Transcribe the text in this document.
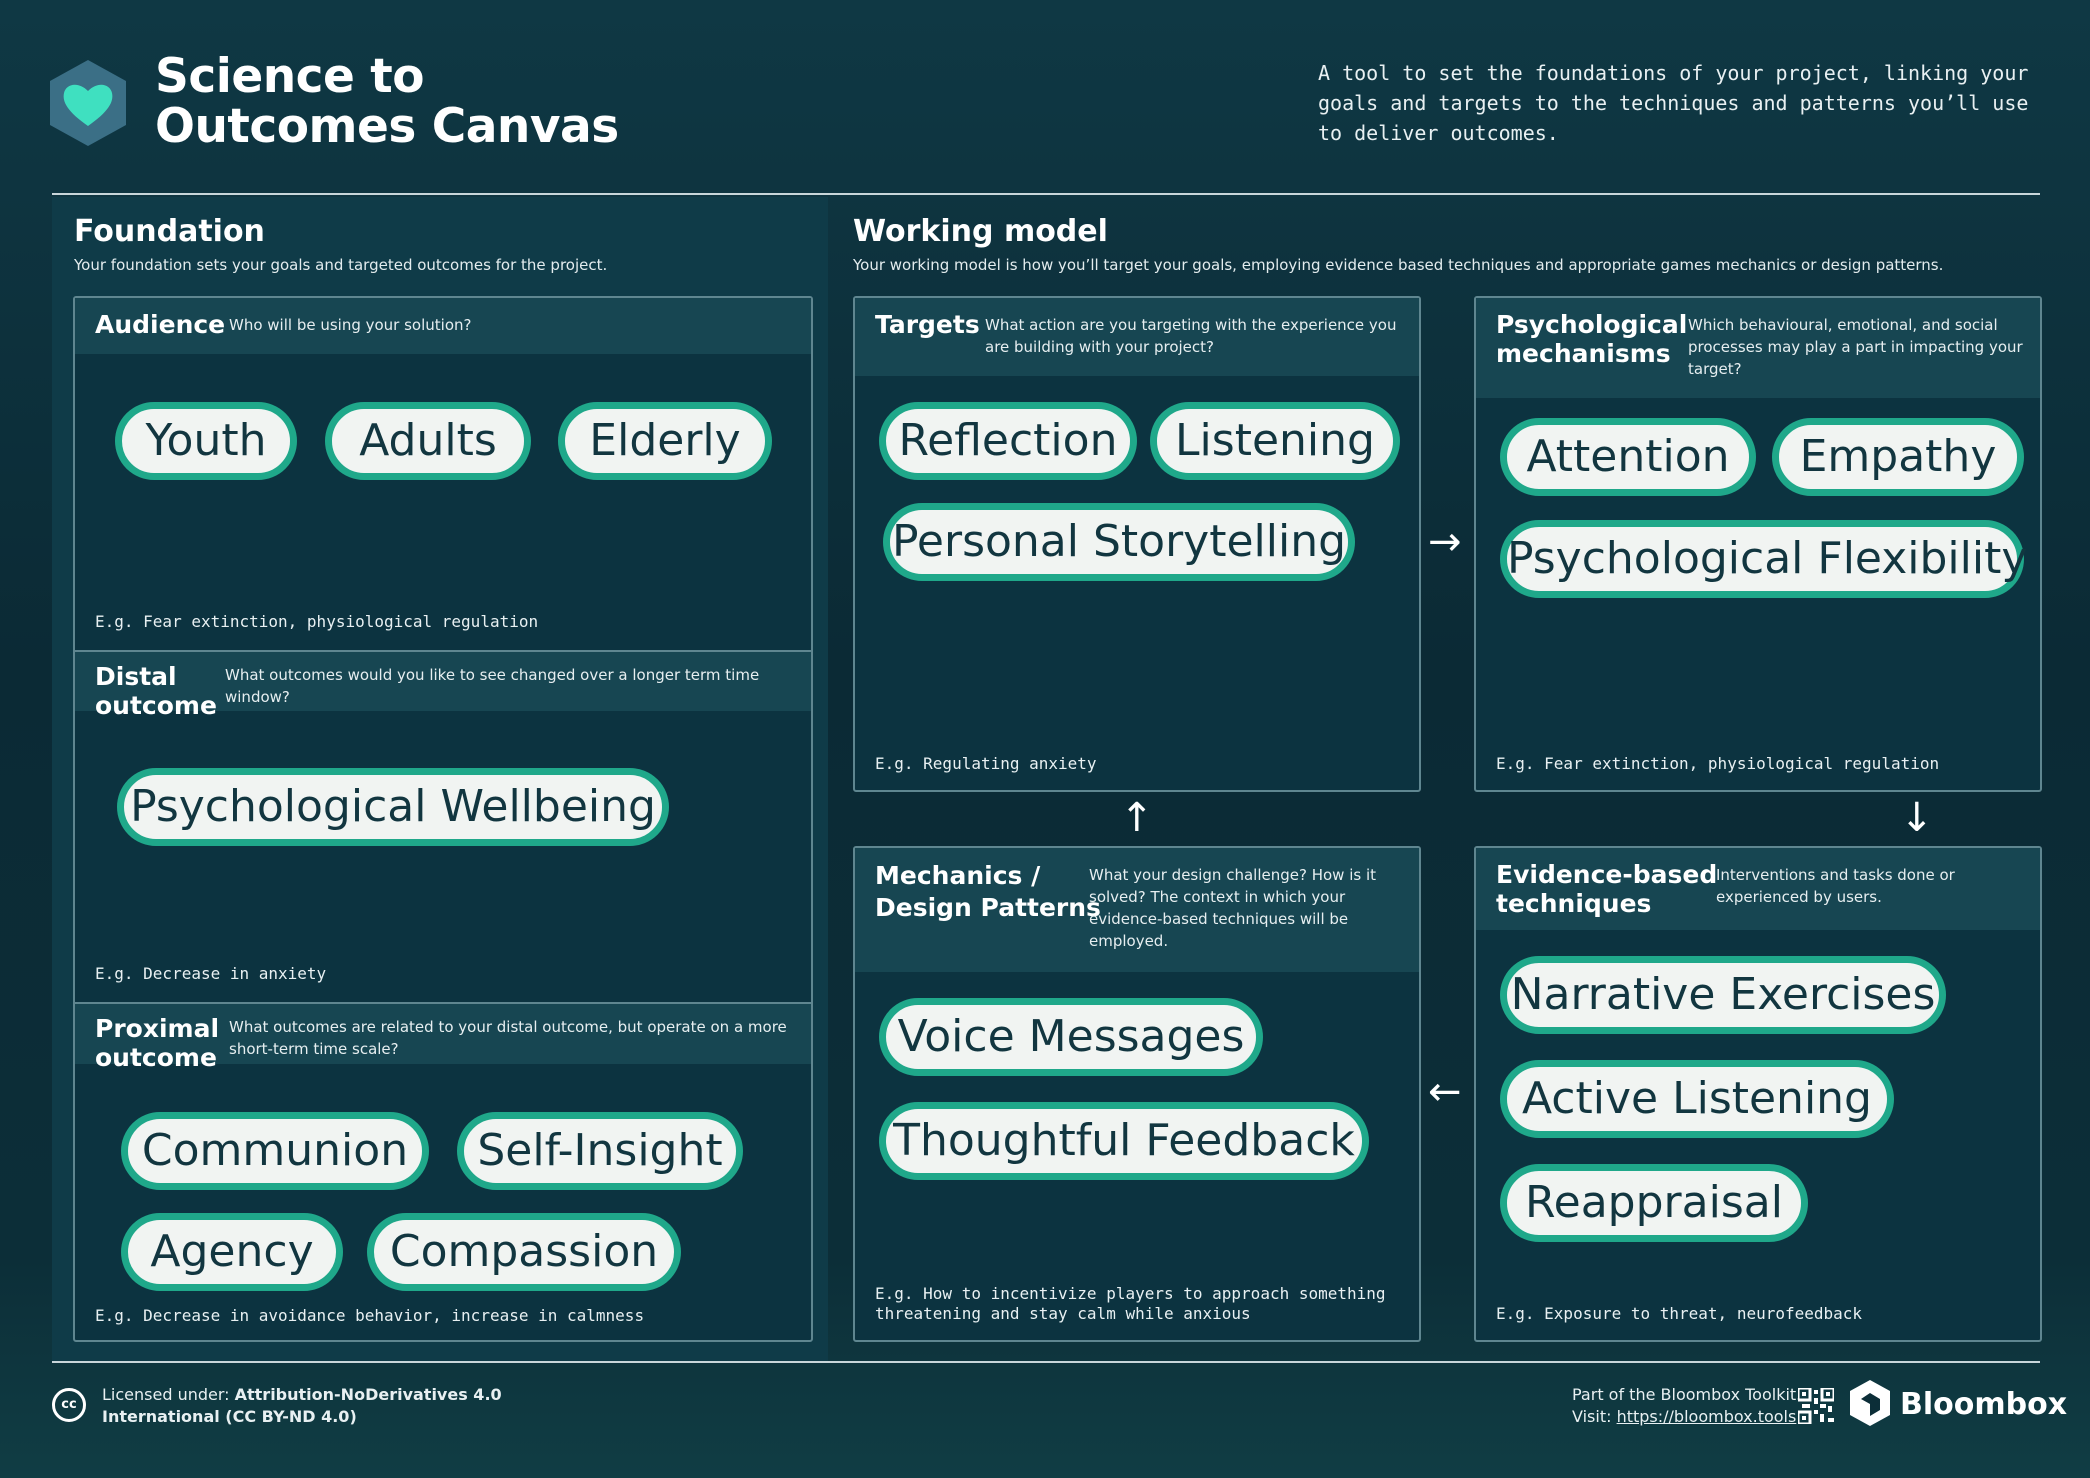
Science to
Outcomes Canvas
A tool to set the foundations of your project, linking your goals and targets to the techniques and patterns you’ll use to deliver outcomes.
Foundation
Your foundation sets your goals and targeted outcomes for the project.
Audience Who will be using your solution?
Youth	Adults	Elderly
E.g. Fear extinction, physiological regulation
Distal
outcome
What outcomes would you like to see changed over a longer term time window?
Psychological Wellbeing
E.g. Decrease in anxiety
Proximal
outcome
What outcomes are related to your distal outcome, but operate on a more short-term time scale?
Communion	Self-Insight
Agency	Compassion
E.g. Decrease in avoidance behavior, increase in calmness
Working model
Your working model is how you’ll target your goals, employing evidence based techniques and appropriate games mechanics or design patterns.
Targets What action are you targeting with the experience you are building with your project?
Reflection	Listening
Personal Storytelling
E.g. Regulating anxiety
Psychological
mechanisms
Which behavioural, emotional, and social processes may play a part in impacting your target?
Attention	Empathy
Psychological Flexibility
E.g. Fear extinction, physiological regulation
Mechanics /
Design Patterns
What your design challenge? How is it solved? The context in which your evidence-based techniques will be employed.
Voice Messages
Thoughtful Feedback
E.g. How to incentivize players to approach something threatening and stay calm while anxious
Evidence-based
techniques
Interventions and tasks done or experienced by users.
Narrative Exercises
Active Listening
Reappraisal
E.g. Exposure to threat, neurofeedback
→
↓
←
↑
cc
Licensed under: Attribution-NoDerivatives 4.0
International (CC BY-ND 4.0)
Part of the Bloombox Toolkit.
Visit: https://bloombox.tools	Bloombox
